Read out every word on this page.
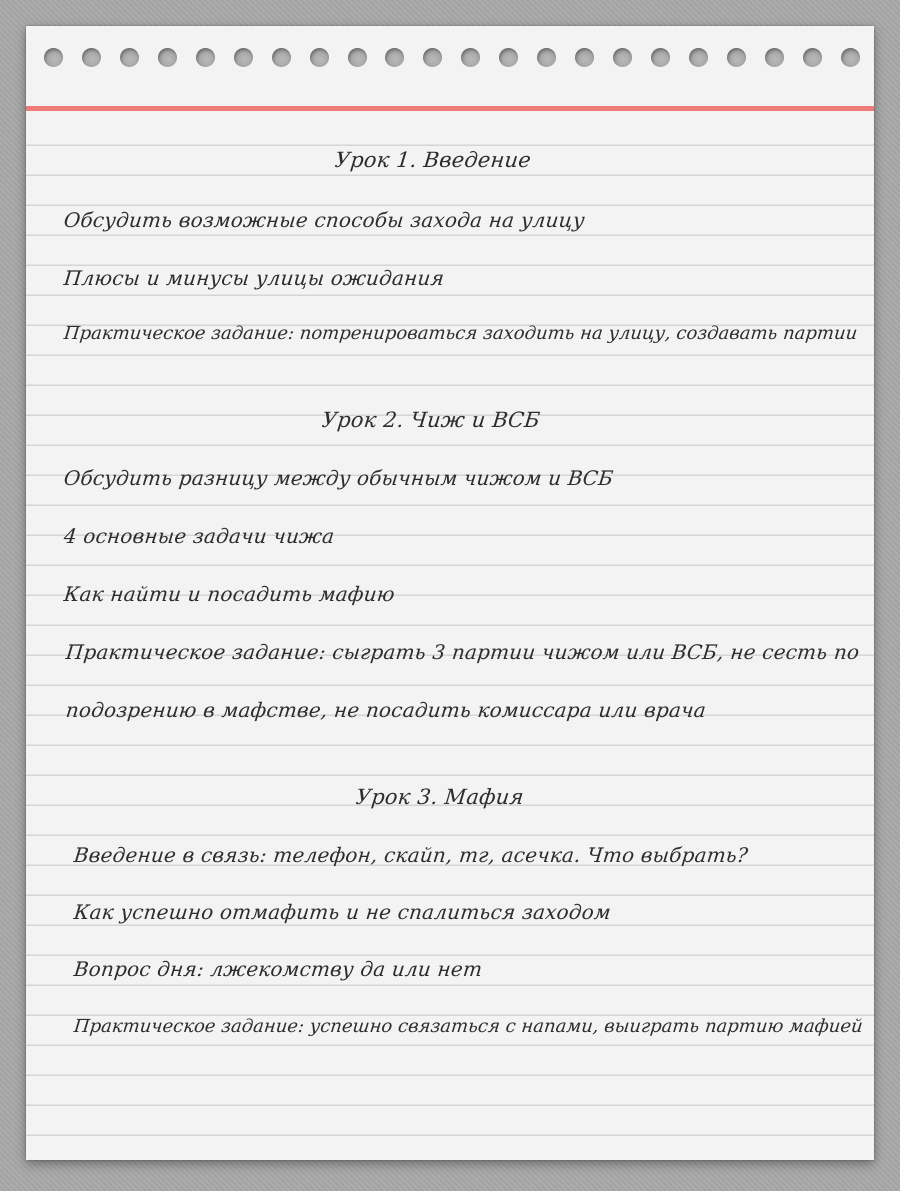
Урок 1. Введение
Обсудить возможные способы захода на улицу
Плюсы и минусы улицы ожидания
Практическое задание: потренироваться заходить на улицу, создавать партии
Урок 2. Чиж и ВСБ
Обсудить разницу между обычным чижом и ВСБ
4 основные задачи чижа
Как найти и посадить мафию
Практическое задание: сыграть 3 партии чижом или ВСБ, не сесть по
подозрению в мафстве, не посадить комиссара или врача
Урок 3. Мафия
Введение в связь: телефон, скайп, тг, асечка. Что выбрать?
Как успешно отмафить и не спалиться заходом
Вопрос дня: лжекомству да или нет
Практическое задание: успешно связаться с напами, выиграть партию мафией
